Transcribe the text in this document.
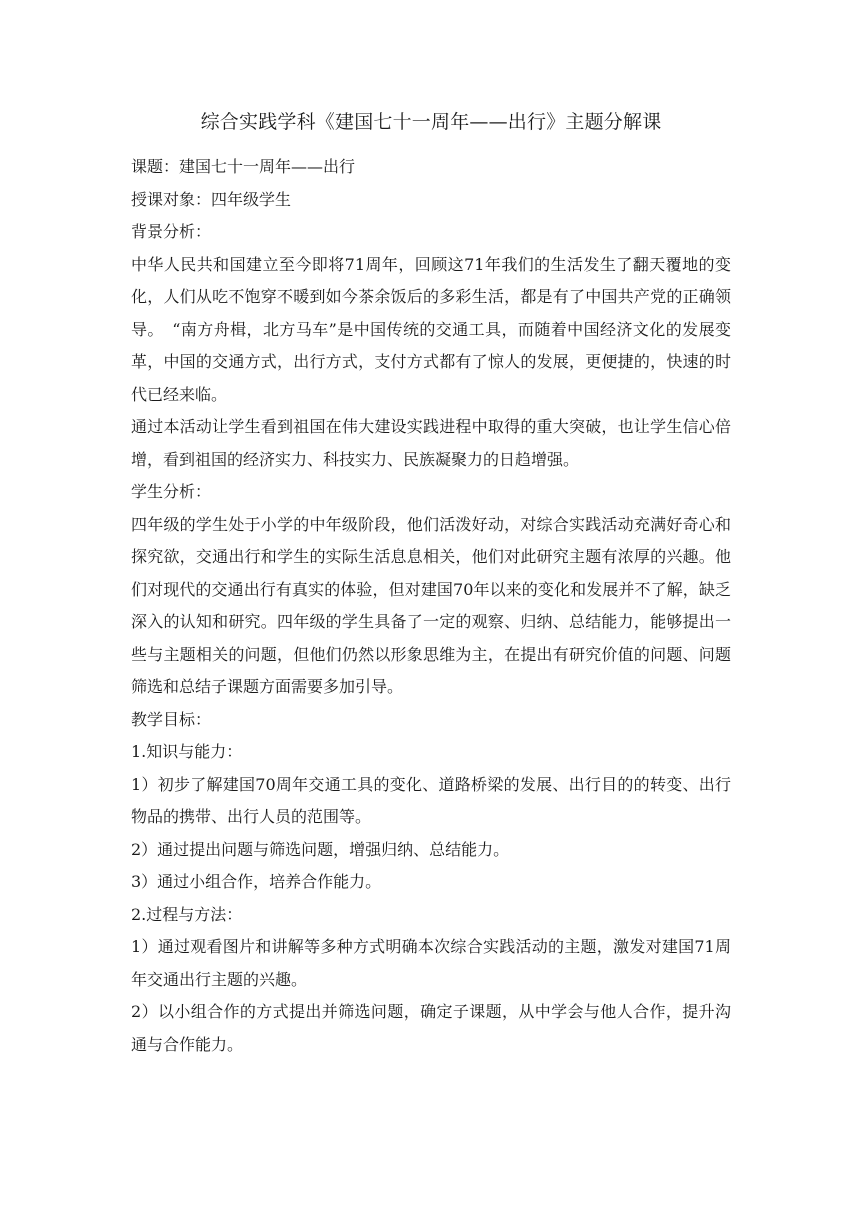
综合实践学科《建国七十一周年——出行》主题分解课

课题：建国七十一周年——出行

授课对象：四年级学生

背景分析：

中华人民共和国建立至今即将71周年，回顾这71年我们的生活发生了翻天覆地的变化，人们从吃不饱穿不暖到如今茶余饭后的多彩生活，都是有了中国共产党的正确领导。　“南方舟楫，北方马车”是中国传统的交通工具，而随着中国经济文化的发展变革，中国的交通方式，出行方式，支付方式都有了惊人的发展，更便捷的，快速的时代已经来临。

通过本活动让学生看到祖国在伟大建设实践进程中取得的重大突破，也让学生信心倍增，看到祖国的经济实力、科技实力、民族凝聚力的日趋增强。

学生分析：

四年级的学生处于小学的中年级阶段，他们活泼好动，对综合实践活动充满好奇心和探究欲，交通出行和学生的实际生活息息相关，他们对此研究主题有浓厚的兴趣。他们对现代的交通出行有真实的体验，但对建国70年以来的变化和发展并不了解，缺乏深入的认知和研究。四年级的学生具备了一定的观察、归纳、总结能力，能够提出一些与主题相关的问题，但他们仍然以形象思维为主，在提出有研究价值的问题、问题筛选和总结子课题方面需要多加引导。

教学目标：

1.知识与能力：

1）初步了解建国70周年交通工具的变化、道路桥梁的发展、出行目的的转变、出行物品的携带、出行人员的范围等。

2）通过提出问题与筛选问题，增强归纳、总结能力。

3）通过小组合作，培养合作能力。

2.过程与方法：

1）通过观看图片和讲解等多种方式明确本次综合实践活动的主题，激发对建国71周年交通出行主题的兴趣。

2）以小组合作的方式提出并筛选问题，确定子课题，从中学会与他人合作，提升沟通与合作能力。
